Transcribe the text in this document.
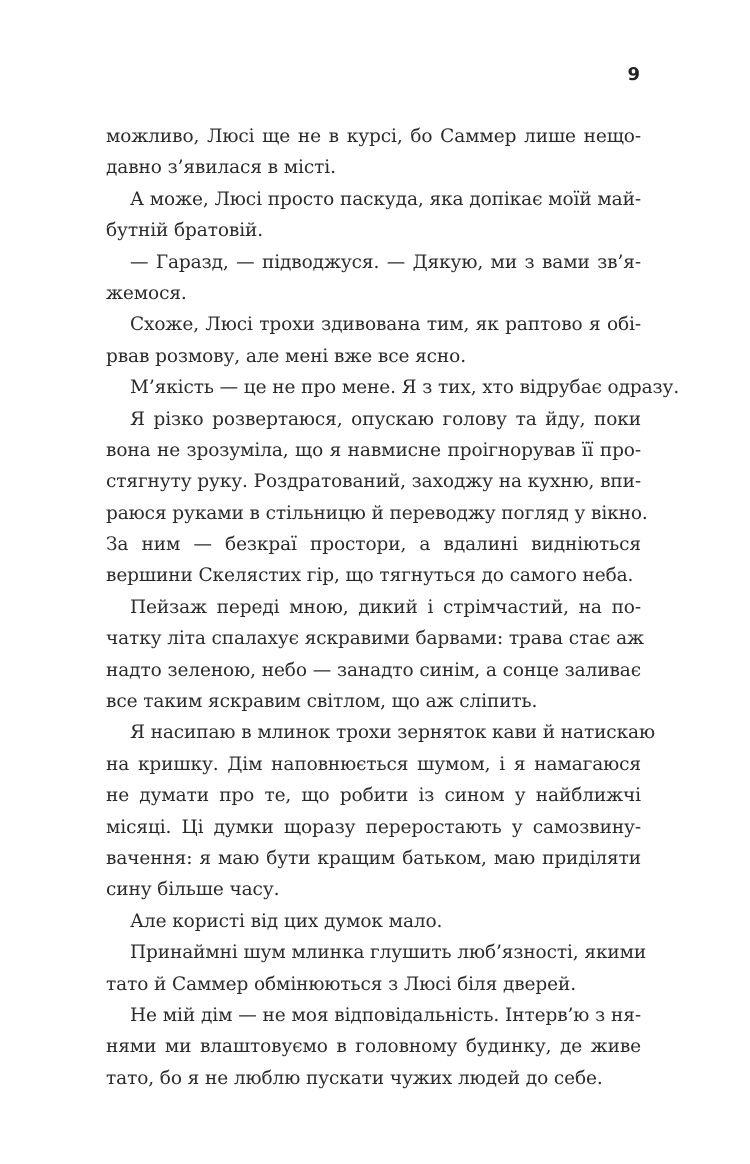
9
можливо, Люсі ще не в курсі, бо Саммер лише нещо-
давно з’явилася в місті.
А може, Люсі просто паскуда, яка допікає моїй май-
бутній братовій.
— Гаразд, — підводжуся. — Дякую, ми з вами зв’я-
жемося.
Схоже, Люсі трохи здивована тим, як раптово я обі-
рвав розмову, але мені вже все ясно.
М’якість — це не про мене. Я з тих, хто відрубає одразу.
Я різко розвертаюся, опускаю голову та йду, поки
вона не зрозуміла, що я навмисне проігнорував її про-
стягнуту руку. Роздратований, заходжу на кухню, впи-
раюся руками в стільницю й переводжу погляд у вікно.
За ним — безкраї простори, а вдалині видніються
вершини Скелястих гір, що тягнуться до самого неба.
Пейзаж переді мною, дикий і стрімчастий, на по-
чатку літа спалахує яскравими барвами: трава стає аж
надто зеленою, небо — занадто синім, а сонце заливає
все таким яскравим світлом, що аж сліпить.
Я насипаю в млинок трохи зерняток кави й натискаю
на кришку. Дім наповнюється шумом, і я намагаюся
не думати про те, що робити із сином у найближчі
місяці. Ці думки щоразу переростають у самозвину-
вачення: я маю бути кращим батьком, маю приділяти
сину більше часу.
Але користі від цих думок мало.
Принаймні шум млинка глушить люб’язності, якими
тато й Саммер обмінюються з Люсі біля дверей.
Не мій дім — не моя відповідальність. Інтерв’ю з ня-
нями ми влаштовуємо в головному будинку, де живе
тато, бо я не люблю пускати чужих людей до себе.
